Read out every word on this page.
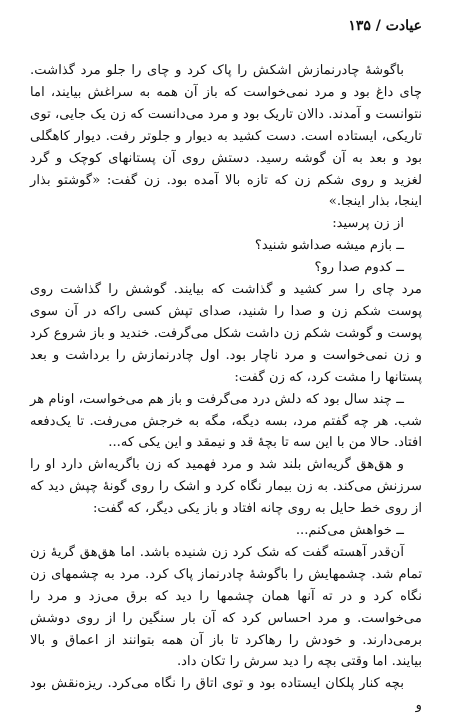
عیادت / ۱۳۵

باگوشهٔ چادرنمازش اشکش را پاک کرد و چای را جلو مرد گذاشت. چای داغ بود و مرد نمی‌خواست که باز آن همه به سراغش بیایند، اما نتوانست و آمدند. دالان تاریک بود و مرد می‌دانست که زن یک جایی، توی تاریکی، ایستاده است. دست کشید به دیوار و جلوتر رفت. دیوار کاهگلی بود و بعد به آن گوشه رسید. دستش روی آن پستانهای کوچک و گرد لغزید و روی شکم زن که تازه بالا آمده بود. زن گفت: «گوشتو بذار اینجا، بذار اینجا.»

از زن پرسید:

ــ بازم میشه صداشو شنید؟

ــ کدوم صدا رو؟

مرد چای را سر کشید و گذاشت که بیایند. گوشش را گذاشت روی پوست شکم زن و صدا را شنید، صدای تپش کسی راکه در آن سوی پوست و گوشت شکم زن داشت شکل می‌گرفت. خندید و باز شروع کرد و زن نمی‌خواست و مرد ناچار بود. اول چادرنمازش را برداشت و بعد پستانها را مشت کرد، که زن گفت:

ــ چند سال بود که دلش درد می‌گرفت و باز هم می‌خواست، اونام هر شب. هر چه گفتم مرد، بسه دیگه، مگه به خرجش می‌رفت. تا یک‌دفعه افتاد. حالا من با این سه تا بچهٔ قد و نیمقد و این یکی که...

و هق‌هق گریه‌اش بلند شد و مرد فهمید که زن باگریه‌اش دارد او را سرزنش می‌کند. به زن بیمار نگاه کرد و اشک را روی گونهٔ چپش دید که از روی خط حایل به روی چانه افتاد و باز یکی دیگر، که گفت:

ــ خواهش می‌کنم...

آن‌قدر آهسته گفت که شک کرد زن شنیده باشد. اما هق‌هق گریهٔ زن تمام شد. چشمهایش را باگوشهٔ چادرنماز پاک کرد. مرد به چشمهای زن نگاه کرد و در ته آنها همان چشمها را دید که برق می‌زد و مرد را می‌خواست. و مرد احساس کرد که آن بار سنگین را از روی دوشش برمی‌دارند. و خودش را رهاکرد تا باز آن همه بتوانند از اعماق و بالا بیایند. اما وقتی بچه را دید سرش را تکان داد.

بچه کنار پلکان ایستاده بود و توی اتاق را نگاه می‌کرد. ریزه‌نقش بود و
